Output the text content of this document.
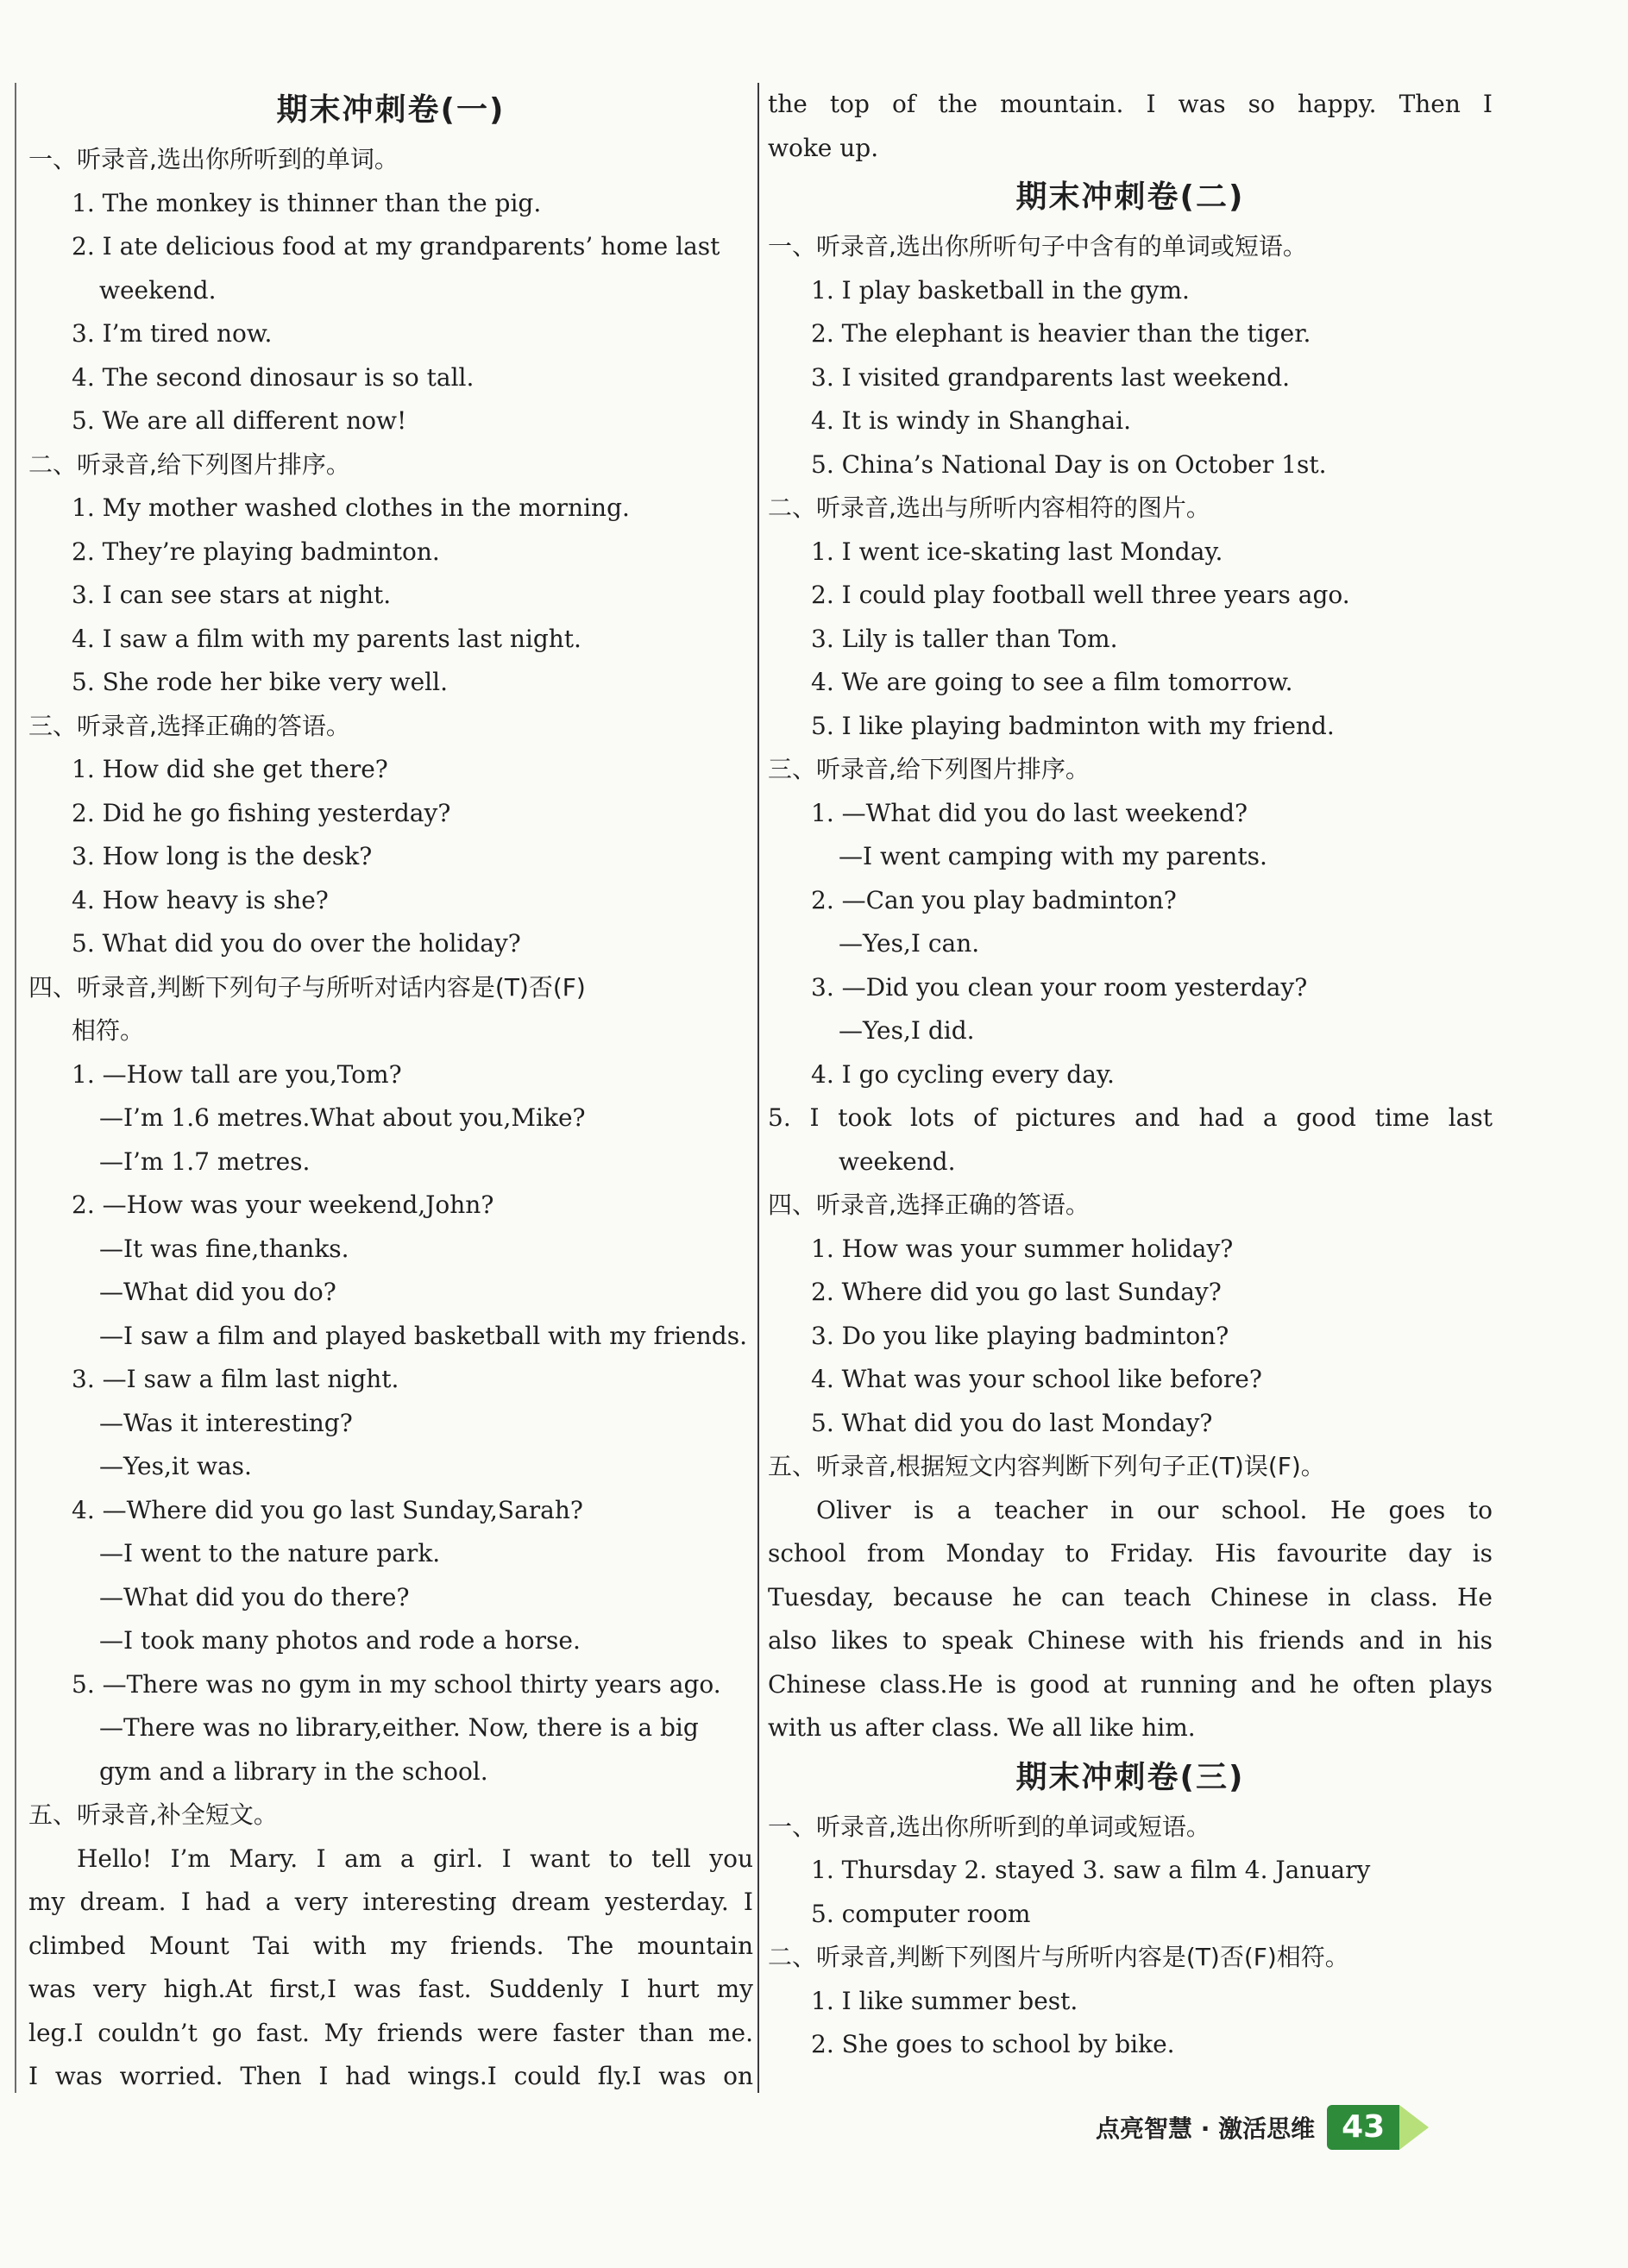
期末冲刺卷(一)
一、听录音,选出你所听到的单词。
1. The monkey is thinner than the pig.
2. I ate delicious food at my grandparents’ home last
weekend.
3. I’m tired now.
4. The second dinosaur is so tall.
5. We are all different now!
二、听录音,给下列图片排序。
1. My mother washed clothes in the morning.
2. They’re playing badminton.
3. I can see stars at night.
4. I saw a film with my parents last night.
5. She rode her bike very well.
三、听录音,选择正确的答语。
1. How did she get there?
2. Did he go fishing yesterday?
3. How long is the desk?
4. How heavy is she?
5. What did you do over the holiday?
四、听录音,判断下列句子与所听对话内容是(T)否(F)
相符。
1. —How tall are you,Tom?
—I’m 1.6 metres.What about you,Mike?
—I’m 1.7 metres.
2. —How was your weekend,John?
—It was fine,thanks.
—What did you do?
—I saw a film and played basketball with my friends.
3. —I saw a film last night.
—Was it interesting?
—Yes,it was.
4. —Where did you go last Sunday,Sarah?
—I went to the nature park.
—What did you do there?
—I took many photos and rode a horse.
5. —There was no gym in my school thirty years ago.
—There was no library,either. Now, there is a big
gym and a library in the school.
五、听录音,补全短文。
Hello! I’m Mary. I am a girl. I want to tell you
my dream. I had a very interesting dream yesterday. I
climbed Mount Tai with my friends. The mountain
was very high.At first,I was fast. Suddenly I hurt my
leg.I couldn’t go fast. My friends were faster than me.
I was worried. Then I had wings.I could fly.I was on
the top of the mountain. I was so happy. Then I
woke up.
期末冲刺卷(二)
一、听录音,选出你所听句子中含有的单词或短语。
1. I play basketball in the gym.
2. The elephant is heavier than the tiger.
3. I visited grandparents last weekend.
4. It is windy in Shanghai.
5. China’s National Day is on October 1st.
二、听录音,选出与所听内容相符的图片。
1. I went ice-skating last Monday.
2. I could play football well three years ago.
3. Lily is taller than Tom.
4. We are going to see a film tomorrow.
5. I like playing badminton with my friend.
三、听录音,给下列图片排序。
1. —What did you do last weekend?
—I went camping with my parents.
2. —Can you play badminton?
—Yes,I can.
3. —Did you clean your room yesterday?
—Yes,I did.
4. I go cycling every day.
5. I took lots of pictures and had a good time last
weekend.
四、听录音,选择正确的答语。
1. How was your summer holiday?
2. Where did you go last Sunday?
3. Do you like playing badminton?
4. What was your school like before?
5. What did you do last Monday?
五、听录音,根据短文内容判断下列句子正(T)误(F)。
Oliver is a teacher in our school. He goes to
school from Monday to Friday. His favourite day is
Tuesday, because he can teach Chinese in class. He
also likes to speak Chinese with his friends and in his
Chinese class.He is good at running and he often plays
with us after class. We all like him.
期末冲刺卷(三)
一、听录音,选出你所听到的单词或短语。
1. Thursday 2. stayed 3. saw a film 4. January
5. computer room
二、听录音,判断下列图片与所听内容是(T)否(F)相符。
1. I like summer best.
2. She goes to school by bike.
点亮智慧 · 激活思维 43
